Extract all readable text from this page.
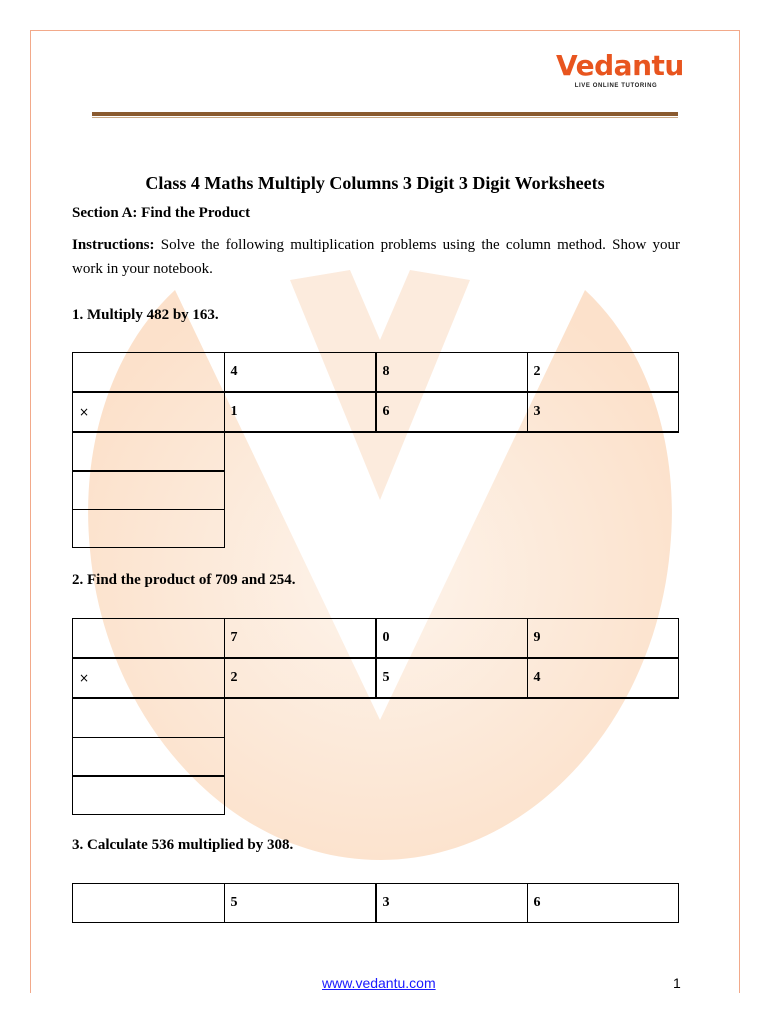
Vedantu
LIVE ONLINE TUTORING
Class 4 Maths Multiply Columns 3 Digit 3 Digit Worksheets
Section A: Find the Product
Instructions: Solve the following multiplication problems using the column method. Show your work in your notebook.
1. Multiply 482 by 163.
	4	8	2
×	1	6	3

2. Find the product of 709 and 254.
	7	0	9
×	2	5	4

3. Calculate 536 multiplied by 308.
	5	3	6
www.vedantu.com	1
